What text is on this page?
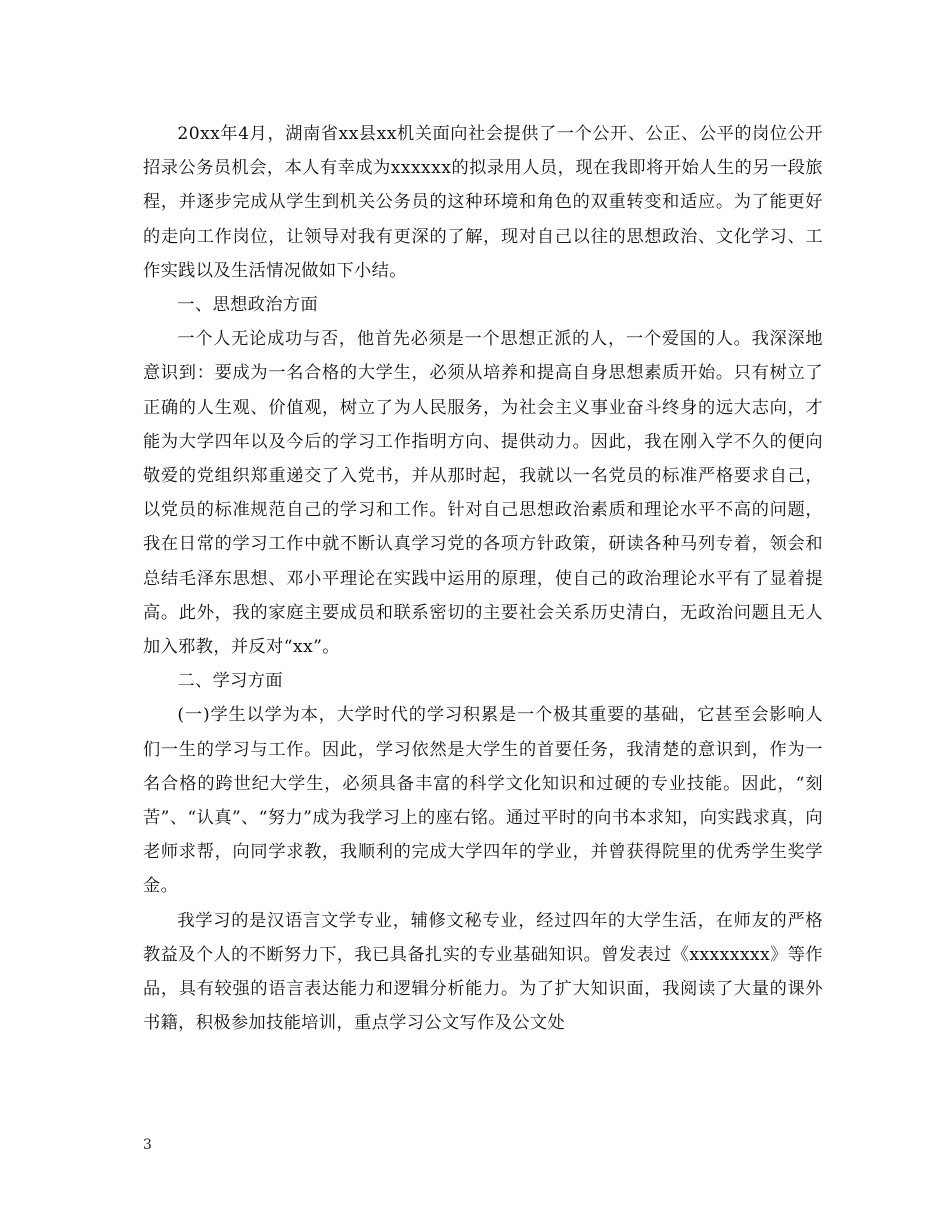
20xx年4月，湖南省xx县xx机关面向社会提供了一个公开、公正、公平的岗位公开招录公务员机会，本人有幸成为xxxxxx的拟录用人员，现在我即将开始人生的另一段旅程，并逐步完成从学生到机关公务员的这种环境和角色的双重转变和适应。为了能更好的走向工作岗位，让领导对我有更深的了解，现对自己以往的思想政治、文化学习、工作实践以及生活情况做如下小结。

一、思想政治方面

一个人无论成功与否，他首先必须是一个思想正派的人，一个爱国的人。我深深地意识到：要成为一名合格的大学生，必须从培养和提高自身思想素质开始。只有树立了正确的人生观、价值观，树立了为人民服务，为社会主义事业奋斗终身的远大志向，才能为大学四年以及今后的学习工作指明方向、提供动力。因此，我在刚入学不久的便向敬爱的党组织郑重递交了入党书，并从那时起，我就以一名党员的标准严格要求自己，以党员的标准规范自己的学习和工作。针对自己思想政治素质和理论水平不高的问题，我在日常的学习工作中就不断认真学习党的各项方针政策，研读各种马列专着，领会和总结毛泽东思想、邓小平理论在实践中运用的原理，使自己的政治理论水平有了显着提高。此外，我的家庭主要成员和联系密切的主要社会关系历史清白，无政治问题且无人加入邪教，并反对“xx”。

二、学习方面

(一)学生以学为本，大学时代的学习积累是一个极其重要的基础，它甚至会影响人们一生的学习与工作。因此，学习依然是大学生的首要任务，我清楚的意识到，作为一名合格的跨世纪大学生，必须具备丰富的科学文化知识和过硬的专业技能。因此，“刻苦”、“认真”、“努力”成为我学习上的座右铭。通过平时的向书本求知，向实践求真，向老师求帮，向同学求教，我顺利的完成大学四年的学业，并曾获得院里的优秀学生奖学金。

我学习的是汉语言文学专业，辅修文秘专业，经过四年的大学生活，在师友的严格教益及个人的不断努力下，我已具备扎实的专业基础知识。曾发表过《xxxxxxxx》等作品，具有较强的语言表达能力和逻辑分析能力。为了扩大知识面，我阅读了大量的课外书籍，积极参加技能培训，重点学习公文写作及公文处

3
